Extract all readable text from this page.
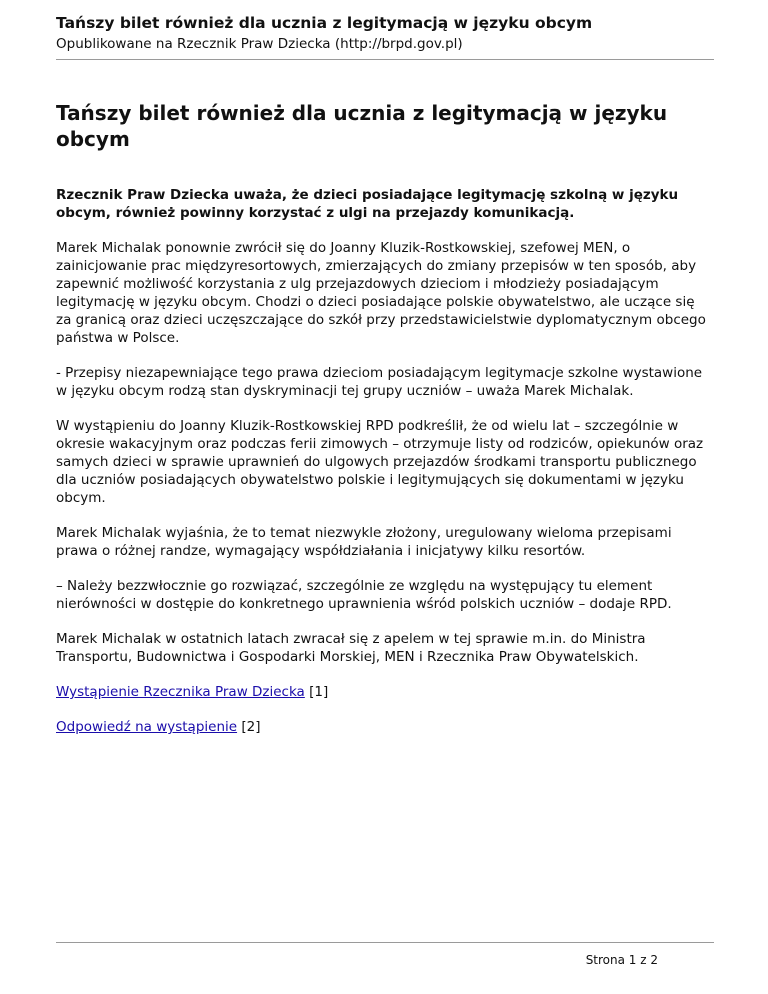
Tańszy bilet również dla ucznia z legitymacją w języku obcym

Opublikowane na Rzecznik Praw Dziecka (http://brpd.gov.pl)

Tańszy bilet również dla ucznia z legitymacją w języku obcym

Rzecznik Praw Dziecka uważa, że dzieci posiadające legitymację szkolną w języku obcym, również powinny korzystać z ulgi na przejazdy komunikacją.

Marek Michalak ponownie zwrócił się do Joanny Kluzik-Rostkowskiej, szefowej MEN, o zainicjowanie prac międzyresortowych, zmierzających do zmiany przepisów w ten sposób, aby zapewnić możliwość korzystania z ulg przejazdowych dzieciom i młodzieży posiadającym legitymację w języku obcym. Chodzi o dzieci posiadające polskie obywatelstwo, ale uczące się za granicą oraz dzieci uczęszczające do szkół przy przedstawicielstwie dyplomatycznym obcego państwa w Polsce.

- Przepisy niezapewniające tego prawa dzieciom posiadającym legitymacje szkolne wystawione w języku obcym rodzą stan dyskryminacji tej grupy uczniów – uważa Marek Michalak.

W wystąpieniu do Joanny Kluzik-Rostkowskiej RPD podkreślił, że od wielu lat – szczególnie w okresie wakacyjnym oraz podczas ferii zimowych – otrzymuje listy od rodziców, opiekunów oraz samych dzieci w sprawie uprawnień do ulgowych przejazdów środkami transportu publicznego dla uczniów posiadających obywatelstwo polskie i legitymujących się dokumentami w języku obcym.

Marek Michalak wyjaśnia, że to temat niezwykle złożony, uregulowany wieloma przepisami prawa o różnej randze, wymagający współdziałania i inicjatywy kilku resortów.

– Należy bezzwłocznie go rozwiązać, szczególnie ze względu na występujący tu element nierówności w dostępie do konkretnego uprawnienia wśród polskich uczniów – dodaje RPD.

Marek Michalak w ostatnich latach zwracał się z apelem w tej sprawie m.in. do Ministra Transportu, Budownictwa i Gospodarki Morskiej, MEN i Rzecznika Praw Obywatelskich.

Wystąpienie Rzecznika Praw Dziecka [1]

Odpowiedź na wystąpienie [2]

Strona 1 z 2
